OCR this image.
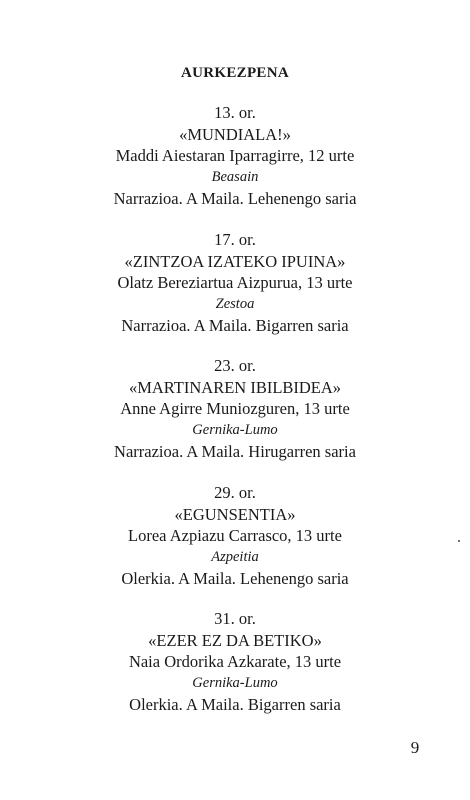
AURKEZPENA
13. or.
«MUNDIALA!»
Maddi Aiestaran Iparragirre, 12 urte
Beasain
Narrazioa. A Maila. Lehenengo saria
17. or.
«ZINTZOA IZATEKO IPUINA»
Olatz Bereziartua Aizpurua, 13 urte
Zestoa
Narrazioa. A Maila. Bigarren saria
23. or.
«MARTINAREN IBILBIDEA»
Anne Agirre Muniozguren, 13 urte
Gernika-Lumo
Narrazioa. A Maila. Hirugarren saria
29. or.
«EGUNSENTIA»
Lorea Azpiazu Carrasco, 13 urte
Azpeitia
Olerkia. A Maila. Lehenengo saria
31. or.
«EZER EZ DA BETIKO»
Naia Ordorika Azkarate, 13 urte
Gernika-Lumo
Olerkia. A Maila. Bigarren saria
9
